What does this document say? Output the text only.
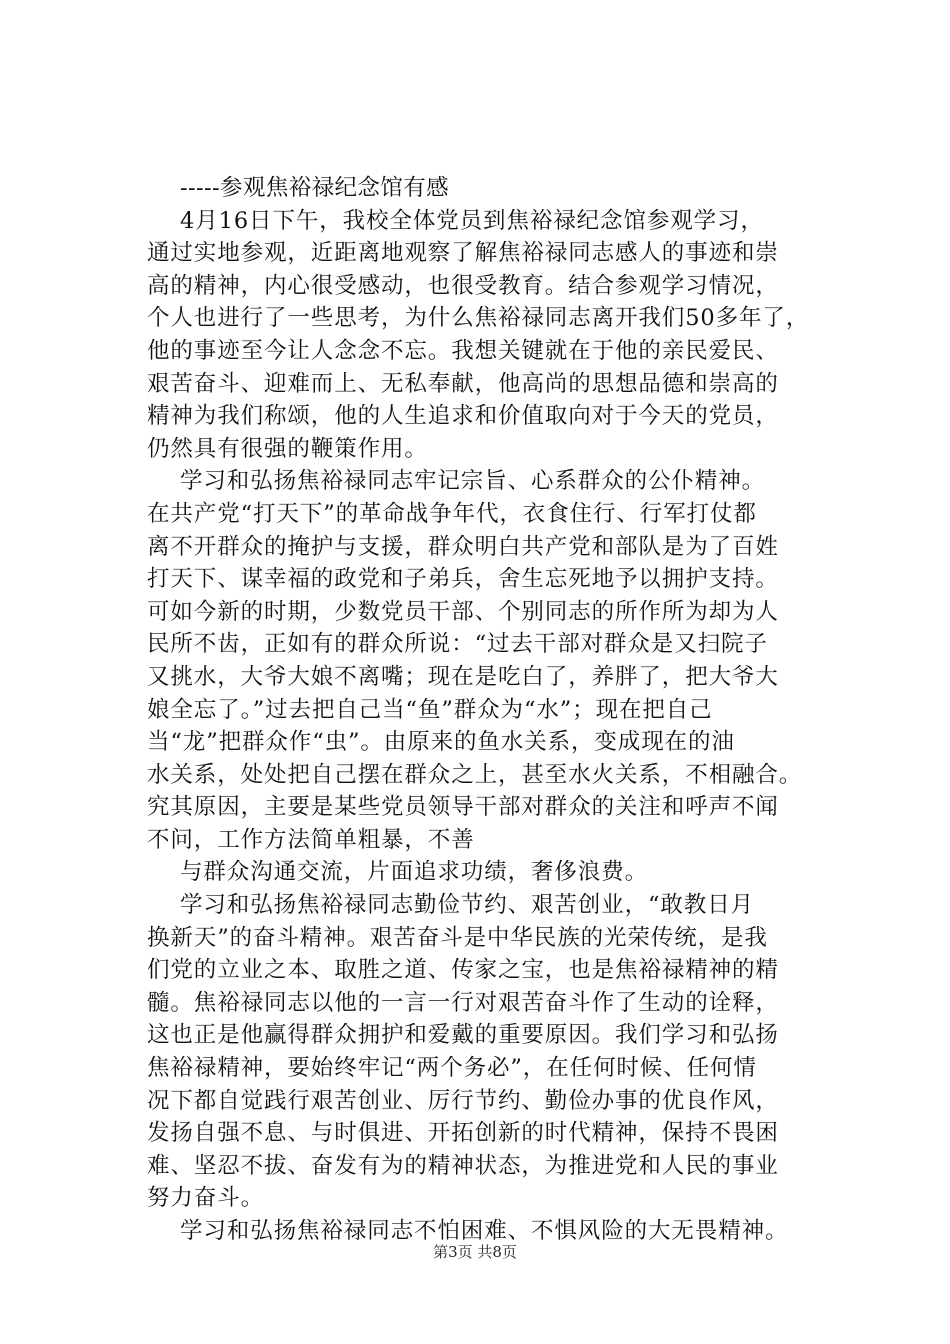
-----参观焦裕禄纪念馆有感
4月16日下午，我校全体党员到焦裕禄纪念馆参观学习，
通过实地参观，近距离地观察了解焦裕禄同志感人的事迹和崇
高的精神，内心很受感动，也很受教育。结合参观学习情况，
个人也进行了一些思考，为什么焦裕禄同志离开我们50多年了，
他的事迹至今让人念念不忘。我想关键就在于他的亲民爱民、
艰苦奋斗、迎难而上、无私奉献，他高尚的思想品德和崇高的
精神为我们称颂，他的人生追求和价值取向对于今天的党员，
仍然具有很强的鞭策作用。
学习和弘扬焦裕禄同志牢记宗旨、心系群众的公仆精神。
在共产党“打天下”的革命战争年代，衣食住行、行军打仗都
离不开群众的掩护与支援，群众明白共产党和部队是为了百姓
打天下、谋幸福的政党和子弟兵，舍生忘死地予以拥护支持。
可如今新的时期，少数党员干部、个别同志的所作所为却为人
民所不齿，正如有的群众所说：“过去干部对群众是又扫院子
又挑水，大爷大娘不离嘴；现在是吃白了，养胖了，把大爷大
娘全忘了。”过去把自己当“鱼”群众为“水”；现在把自己
当“龙”把群众作“虫”。由原来的鱼水关系，变成现在的油
水关系，处处把自己摆在群众之上，甚至水火关系，不相融合。
究其原因，主要是某些党员领导干部对群众的关注和呼声不闻
不问，工作方法简单粗暴，不善
与群众沟通交流，片面追求功绩，奢侈浪费。
学习和弘扬焦裕禄同志勤俭节约、艰苦创业，“敢教日月
换新天”的奋斗精神。艰苦奋斗是中华民族的光荣传统，是我
们党的立业之本、取胜之道、传家之宝，也是焦裕禄精神的精
髓。焦裕禄同志以他的一言一行对艰苦奋斗作了生动的诠释，
这也正是他赢得群众拥护和爱戴的重要原因。我们学习和弘扬
焦裕禄精神，要始终牢记“两个务必”，在任何时候、任何情
况下都自觉践行艰苦创业、厉行节约、勤俭办事的优良作风，
发扬自强不息、与时俱进、开拓创新的时代精神，保持不畏困
难、坚忍不拔、奋发有为的精神状态，为推进党和人民的事业
努力奋斗。
学习和弘扬焦裕禄同志不怕困难、不惧风险的大无畏精神。
第3页 共8页
